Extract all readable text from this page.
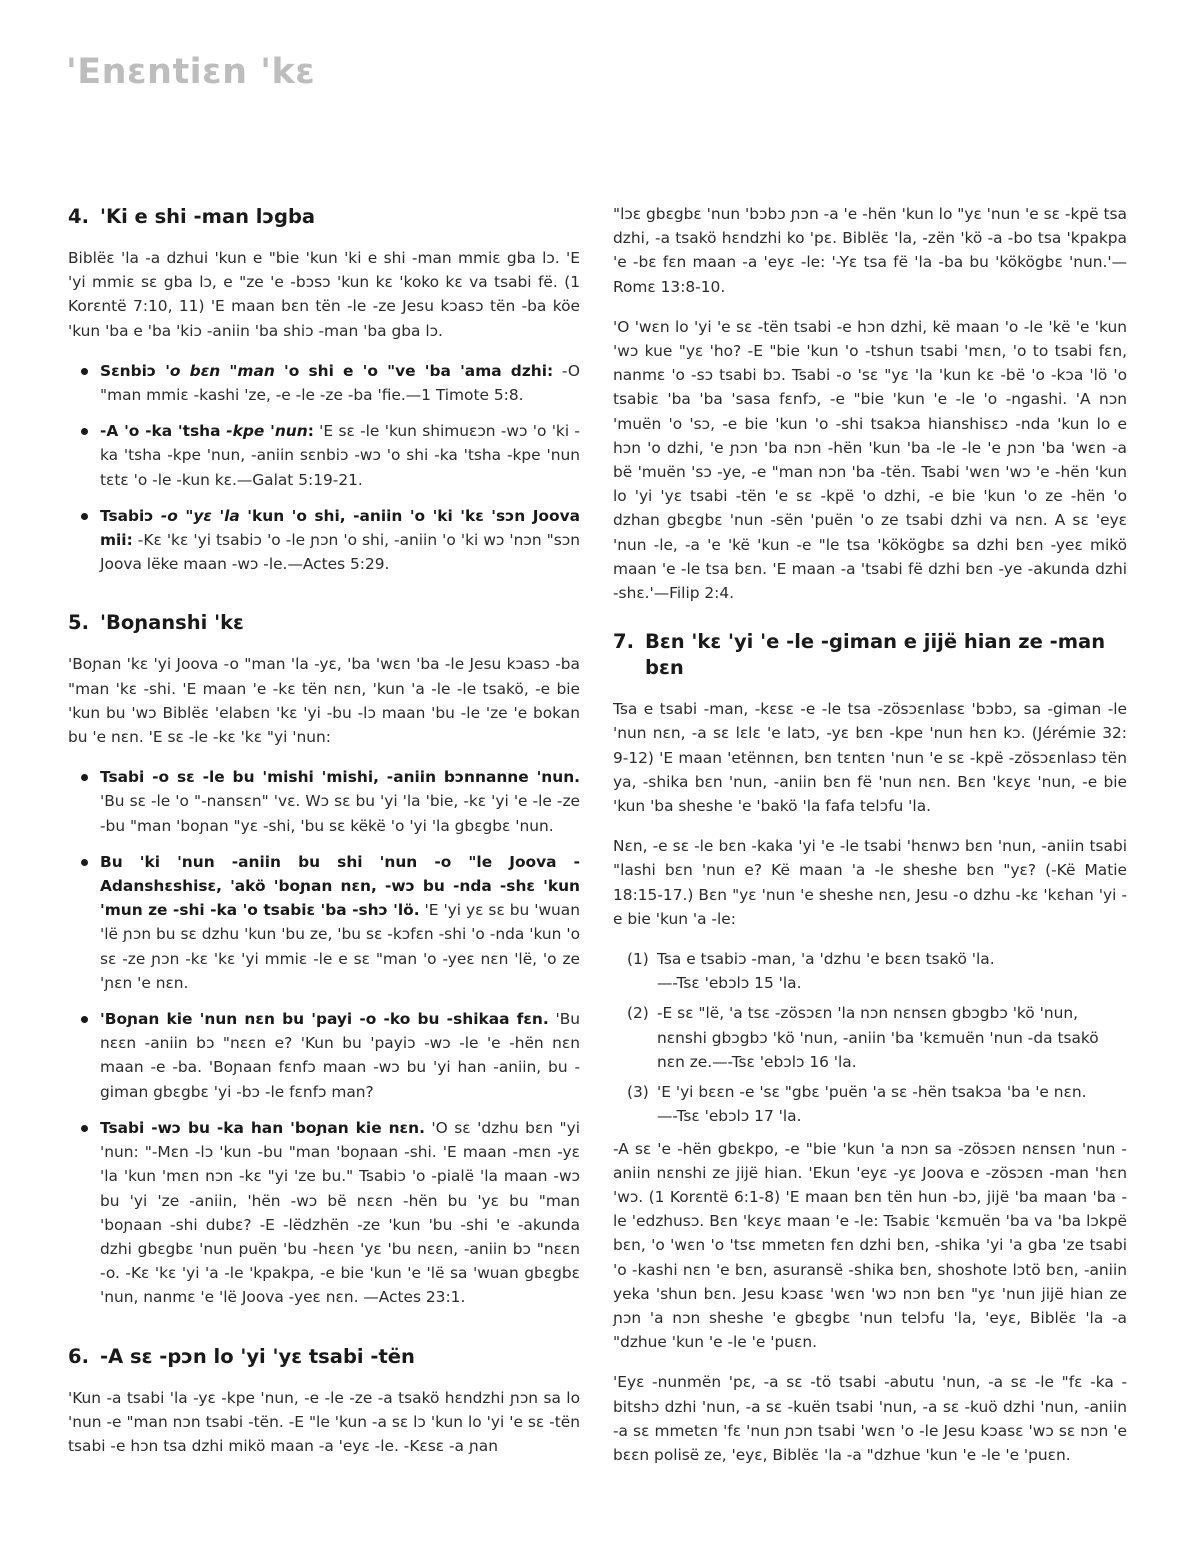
'Enɛntiɛn 'kɛ
4. 'Ki e shi -man lɔgba

Biblëɛ 'la -a dzhui 'kun e "bie 'kun 'ki e shi -man mmiɛ gba lɔ. 'E 'yi mmiɛ sɛ gba lɔ, e "ze 'e -bɔsɔ 'kun kɛ 'koko kɛ va tsabi fë. (1 Korɛntë 7:10, 11) 'E maan bɛn tën -le -ze Jesu kɔasɔ tën -ba köe 'kun 'ba e 'ba 'kiɔ -aniin 'ba shiɔ -man 'ba gba lɔ.

Sɛnbiɔ 'o bɛn "man 'o shi e 'o "ve 'ba 'ama dzhi: -O "man mmiɛ -kashi 'ze, -e -le -ze -ba 'fie.—1 Timote 5:8.
-A 'o -ka 'tsha -kpe 'nun: 'E sɛ -le 'kun shimuɛɔn -wɔ 'o 'ki -ka 'tsha -kpe 'nun, -aniin sɛnbiɔ -wɔ 'o shi -ka 'tsha -kpe 'nun tɛtɛ 'o -le -kun kɛ.—Galat 5:19-21.
Tsabiɔ -o "yɛ 'la 'kun 'o shi, -aniin 'o 'ki 'kɛ 'sɔn Joova mii: -Kɛ 'kɛ 'yi tsabiɔ 'o -le ɲɔn 'o shi, -aniin 'o 'ki wɔ 'nɔn "sɔn Joova lëke maan -wɔ -le.—Actes 5:29.
5. 'Boɲanshi 'kɛ

'Boɲan 'kɛ 'yi Joova -o "man 'la -yɛ, 'ba 'wɛn 'ba -le Jesu kɔasɔ -ba "man 'kɛ -shi. 'E maan 'e -kɛ tën nɛn, 'kun 'a -le -le tsakö, -e bie 'kun bu 'wɔ Biblëɛ 'elabɛn 'kɛ 'yi -bu -lɔ maan 'bu -le 'ze 'e bokan bu 'e nɛn. 'E sɛ -le -kɛ 'kɛ "yi 'nun:

Tsabi -o sɛ -le bu 'mishi 'mishi, -aniin bɔnnanne 'nun. 'Bu sɛ -le 'o "-nansɛn" 'vɛ. Wɔ sɛ bu 'yi 'la 'bie, -kɛ 'yi 'e -le -ze -bu "man 'boɲan "yɛ -shi, 'bu sɛ këkë 'o 'yi 'la gbɛgbɛ 'nun.
Bu 'ki 'nun -aniin bu shi 'nun -o "le Joova -Adanshɛshisɛ, 'akö 'boɲan nɛn, -wɔ bu -nda -shɛ 'kun 'mun ze -shi -ka 'o tsabiɛ 'ba -shɔ 'lö. 'E 'yi yɛ sɛ bu 'wuan 'lë ɲɔn bu sɛ dzhu 'kun 'bu ze, 'bu sɛ -kɔfɛn -shi 'o -nda 'kun 'o sɛ -ze ɲɔn -kɛ 'kɛ 'yi mmiɛ -le e sɛ "man 'o -yeɛ nɛn 'lë, 'o ze 'ɲɛn 'e nɛn.
'Boɲan kie 'nun nɛn bu 'payi -o -ko bu -shikaa fɛn. 'Bu nɛɛn -aniin bɔ "nɛɛn e? 'Kun bu 'payiɔ -wɔ -le 'e -hën nɛn maan -e -ba. 'Boɲaan fɛnfɔ maan -wɔ bu 'yi han -aniin, bu -giman gbɛgbɛ 'yi -bɔ -le fɛnfɔ man?
Tsabi -wɔ bu -ka han 'boɲan kie nɛn. 'O sɛ 'dzhu bɛn "yi 'nun: "-Mɛn -lɔ 'kun -bu "man 'boɲaan -shi. 'E maan -mɛn -yɛ 'la 'kun 'mɛn nɔn -kɛ "yi 'ze bu." Tsabiɔ 'o -pialë 'la maan -wɔ bu 'yi 'ze -aniin, 'hën -wɔ bë nɛɛn -hën bu 'yɛ bu "man 'boɲaan -shi dubɛ? -E -lëdzhën -ze 'kun 'bu -shi 'e -akunda dzhi gbɛgbɛ 'nun puën 'bu -hɛɛn 'yɛ 'bu nɛɛn, -aniin bɔ "nɛɛn -o. -Kɛ 'kɛ 'yi 'a -le 'kpakpa, -e bie 'kun 'e 'lë sa 'wuan gbɛgbɛ 'nun, nanmɛ 'e 'lë Joova -yeɛ nɛn. —Actes 23:1.
6. -A sɛ -pɔn lo 'yi 'yɛ tsabi -tën

'Kun -a tsabi 'la -yɛ -kpe 'nun, -e -le -ze -a tsakö hɛndzhi ɲɔn sa lo 'nun -e "man nɔn tsabi -tën. -E "le 'kun -a sɛ lɔ 'kun lo 'yi 'e sɛ -tën tsabi -e hɔn tsa dzhi mikö maan -a 'eyɛ -le. -Kɛsɛ -a ɲan

"lɔɛ gbɛgbɛ 'nun 'bɔbɔ ɲɔn -a 'e -hën 'kun lo "yɛ 'nun 'e sɛ -kpë tsa dzhi, -a tsakö hɛndzhi ko 'pɛ. Biblëɛ 'la, -zën 'kö -a -bo tsa 'kpakpa 'e -bɛ fɛn maan -a 'eyɛ -le: '-Yɛ tsa fë 'la -ba bu 'kökögbɛ 'nun.'—Romɛ 13:8-10.

'O 'wɛn lo 'yi 'e sɛ -tën tsabi -e hɔn dzhi, kë maan 'o -le 'kë 'e 'kun 'wɔ kue "yɛ 'ho? -E "bie 'kun 'o -tshun tsabi 'mɛn, 'o to tsabi fɛn, nanmɛ 'o -sɔ tsabi bɔ. Tsabi -o 'sɛ "yɛ 'la 'kun kɛ -bë 'o -kɔa 'lö 'o tsabiɛ 'ba 'ba 'sasa fɛnfɔ, -e "bie 'kun 'e -le 'o -ngashi. 'A nɔn 'muën 'o 'sɔ, -e bie 'kun 'o -shi tsakɔa hianshisɛɔ -nda 'kun lo e hɔn 'o dzhi, 'e ɲɔn 'ba nɔn -hën 'kun 'ba -le -le 'e ɲɔn 'ba 'wɛn -a bë 'muën 'sɔ -ye, -e "man nɔn 'ba -tën. Tsabi 'wɛn 'wɔ 'e -hën 'kun lo 'yi 'yɛ tsabi -tën 'e sɛ -kpë 'o dzhi, -e bie 'kun 'o ze -hën 'o dzhan gbɛgbɛ 'nun -sën 'puën 'o ze tsabi dzhi va nɛn. A sɛ 'eyɛ 'nun -le, -a 'e 'kë 'kun -e "le tsa 'kökögbɛ sa dzhi bɛn -yeɛ mikö maan 'e -le tsa bɛn. 'E maan -a 'tsabi fë dzhi bɛn -ye -akunda dzhi -shɛ.'—Filip 2:4.

7. Bɛn 'kɛ 'yi 'e -le -giman e jijë hian ze -man bɛn

Tsa e tsabi -man, -kɛsɛ -e -le tsa -zösɔɛnlasɛ 'bɔbɔ, sa -giman -le 'nun nɛn, -a sɛ lɛlɛ 'e latɔ, -yɛ bɛn -kpe 'nun hɛn kɔ. (Jérémie 32: 9-12) 'E maan 'etënnɛn, bɛn tɛntɛn 'nun 'e sɛ -kpë -zösɔɛnlasɔ tën ya, -shika bɛn 'nun, -aniin bɛn fë 'nun nɛn. Bɛn 'kɛyɛ 'nun, -e bie 'kun 'ba sheshe 'e 'bakö 'la fafa telɔfu 'la.

Nɛn, -e sɛ -le bɛn -kaka 'yi 'e -le tsabi 'hɛnwɔ bɛn 'nun, -aniin tsabi "lashi bɛn 'nun e? Kë maan 'a -le sheshe bɛn "yɛ? (-Kë Matie 18:15-17.) Bɛn "yɛ 'nun 'e sheshe nɛn, Jesu -o dzhu -kɛ 'kɛhan 'yi -e bie 'kun 'a -le:

(1) Tsa e tsabiɔ -man, 'a 'dzhu 'e bɛɛn tsakö 'la.
—-Tsɛ 'ebɔlɔ 15 'la.
(2) -E sɛ "lë, 'a tsɛ -zösɔɛn 'la nɔn nɛnsɛn gbɔgbɔ 'kö 'nun, nɛnshi gbɔgbɔ 'kö 'nun, -aniin 'ba 'kɛmuën 'nun -da tsakö nɛn ze.—-Tsɛ 'ebɔlɔ 16 'la.
(3) 'E 'yi bɛɛn -e 'sɛ "gbɛ 'puën 'a sɛ -hën tsakɔa 'ba 'e nɛn.
—-Tsɛ 'ebɔlɔ 17 'la.

-A sɛ 'e -hën gbɛkpo, -e "bie 'kun 'a nɔn sa -zösɔɛn nɛnsɛn 'nun -aniin nɛnshi ze jijë hian. 'Ekun 'eyɛ -yɛ Joova e -zösɔɛn -man 'hɛn 'wɔ. (1 Korɛntë 6:1-8) 'E maan bɛn tën hun -bɔ, jijë 'ba maan 'ba -le 'edzhusɔ. Bɛn 'kɛyɛ maan 'e -le: Tsabiɛ 'kɛmuën 'ba va 'ba lɔkpë bɛn, 'o 'wɛn 'o 'tsɛ mmetɛn fɛn dzhi bɛn, -shika 'yi 'a gba 'ze tsabi 'o -kashi nɛn 'e bɛn, asuransë -shika bɛn, shoshote lɔtö bɛn, -aniin yeka 'shun bɛn. Jesu kɔasɛ 'wɛn 'wɔ nɔn bɛn "yɛ 'nun jijë hian ze ɲɔn 'a nɔn sheshe 'e gbɛgbɛ 'nun telɔfu 'la, 'eyɛ, Biblëɛ 'la -a "dzhue 'kun 'e -le 'e 'puɛn.

'Eyɛ -nunmën 'pɛ, -a sɛ -tö tsabi -abutu 'nun, -a sɛ -le "fɛ -ka -bitshɔ dzhi 'nun, -a sɛ -kuën tsabi 'nun, -a sɛ -kuö dzhi 'nun, -aniin -a sɛ mmetɛn 'fɛ 'nun ɲɔn tsabi 'wɛn 'o -le Jesu kɔasɛ 'wɔ sɛ nɔn 'e bɛɛn polisë ze, 'eyɛ, Biblëɛ 'la -a "dzhue 'kun 'e -le 'e 'puɛn.
